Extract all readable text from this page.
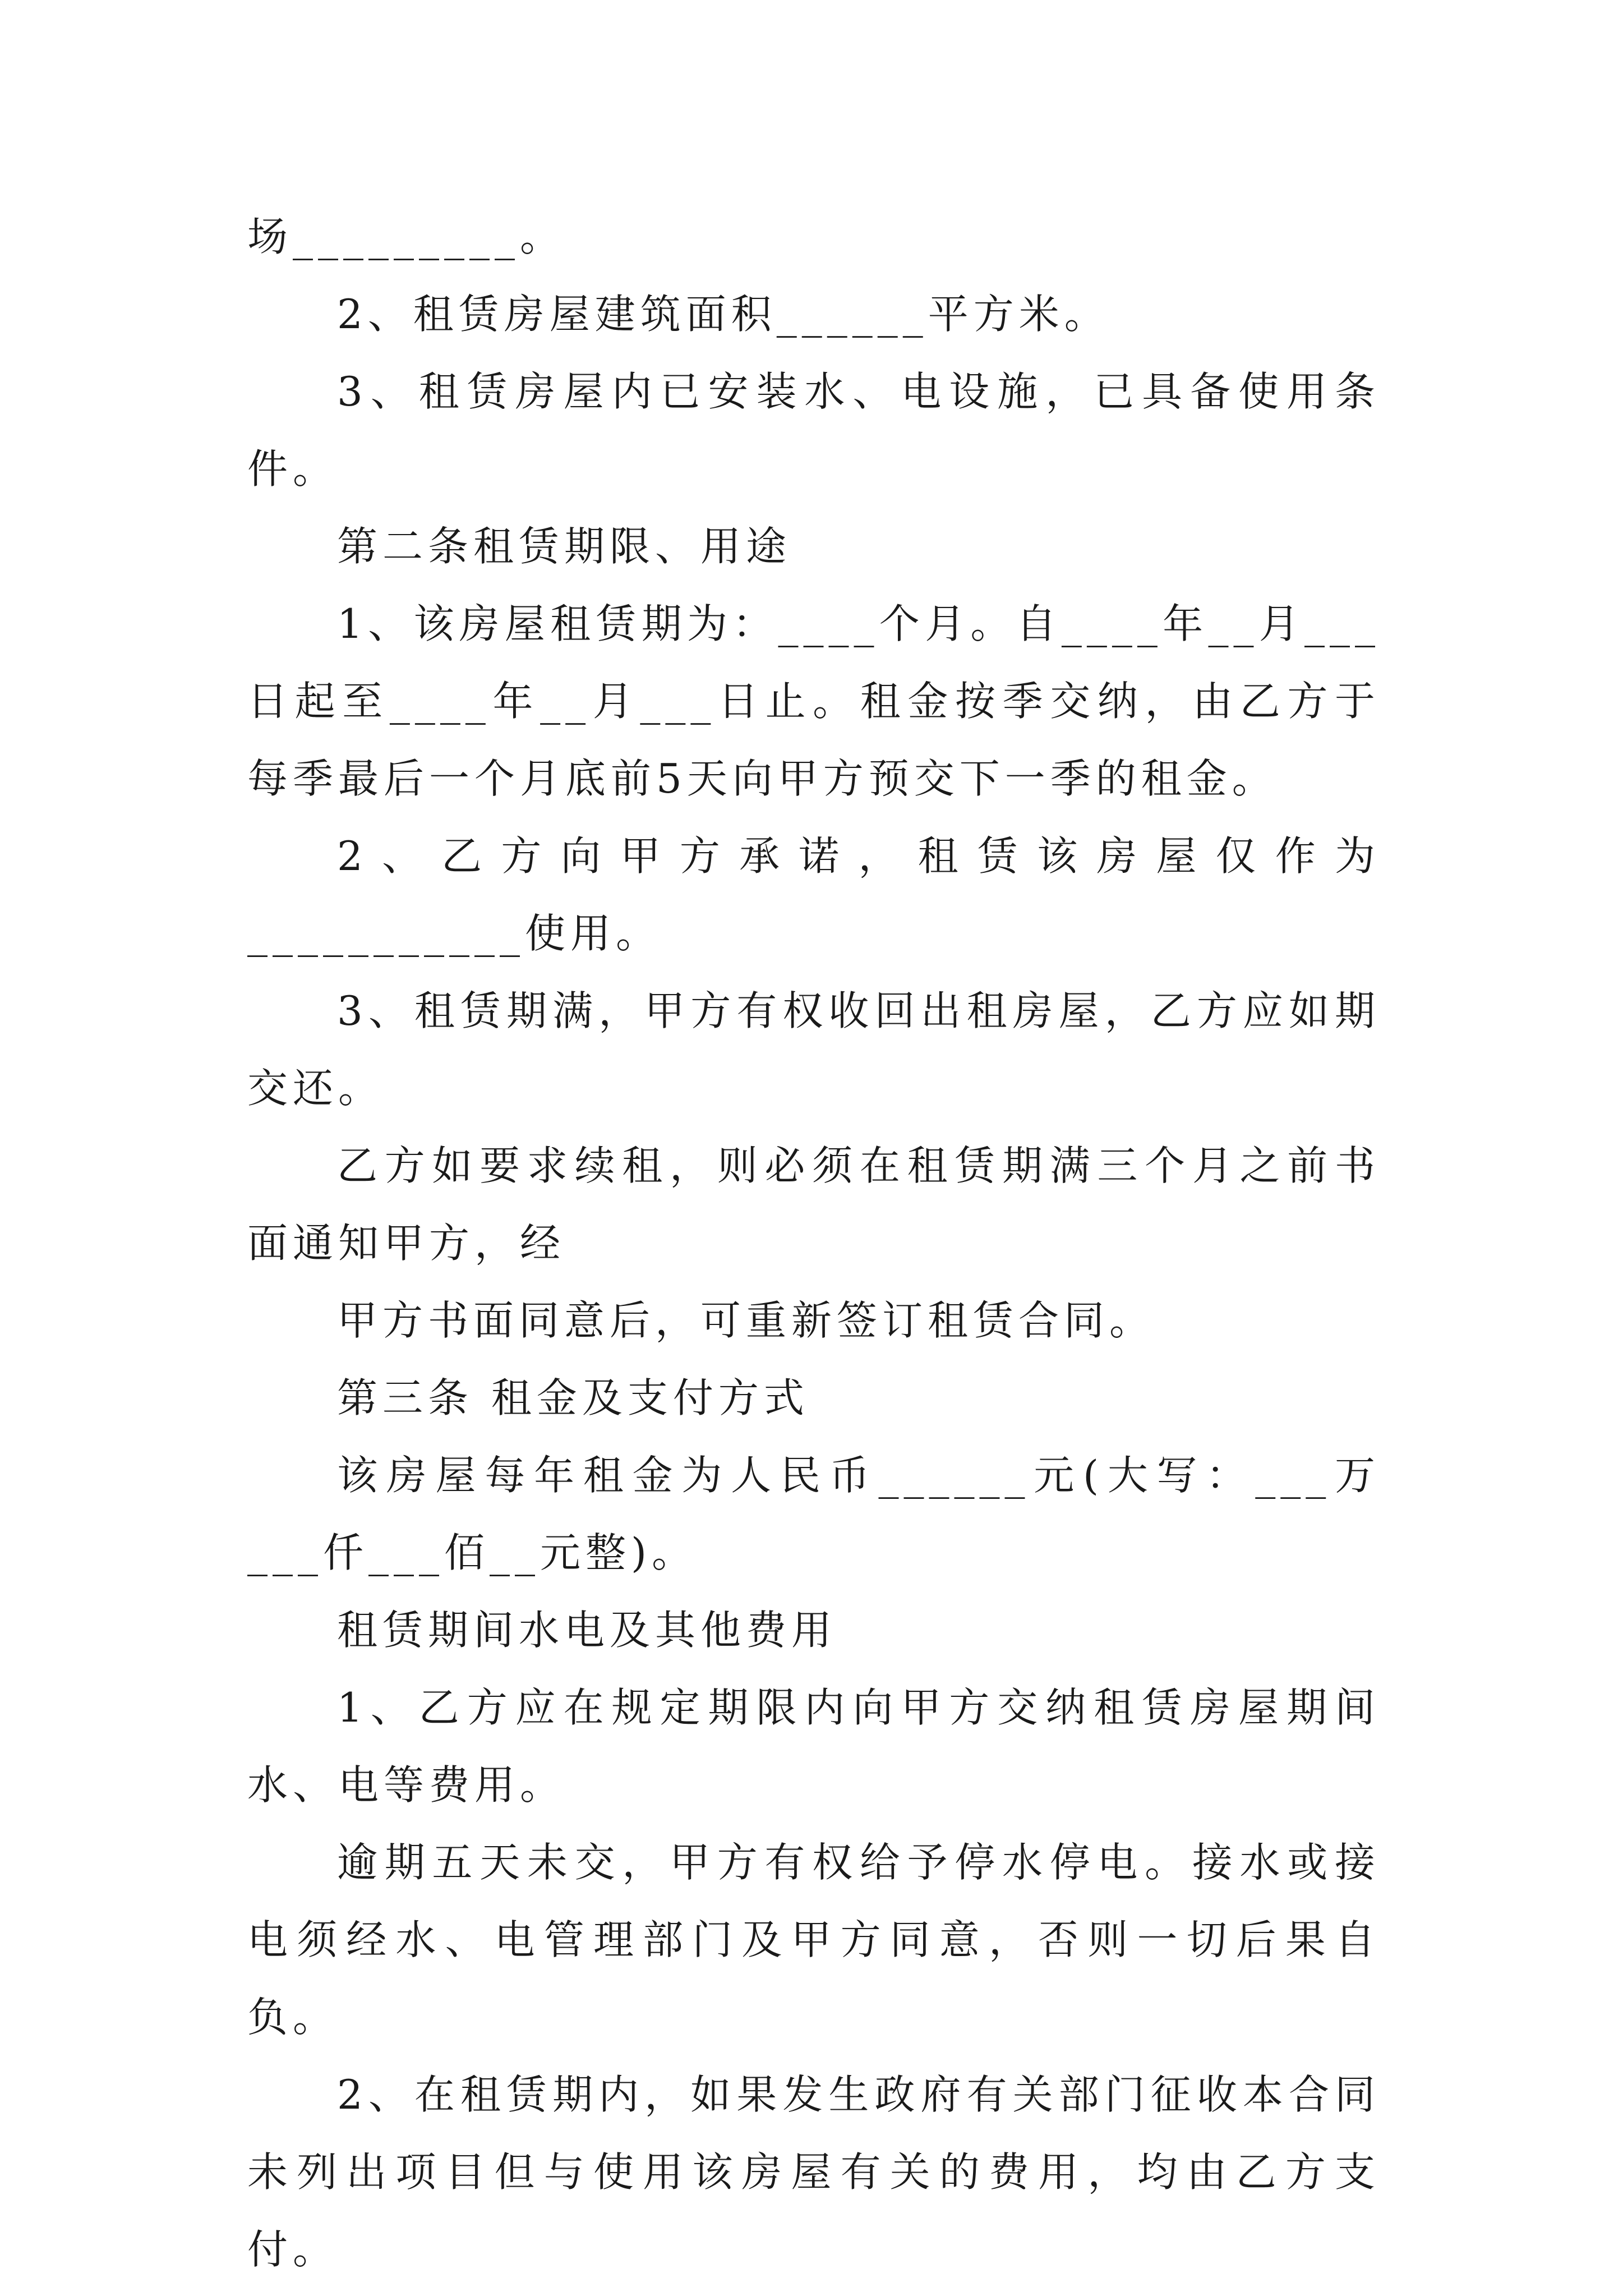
场_________。

2、租赁房屋建筑面积______平方米。

3、租赁房屋内已安装水、电设施，已具备使用条件。

第二条租赁期限、用途

1、该房屋租赁期为：____个月。自____年__月___日起至____年__月___日止。租金按季交纳，由乙方于每季最后一个月底前5天向甲方预交下一季的租金。

2、乙方向甲方承诺，租赁该房屋仅作为___________使用。

3、租赁期满，甲方有权收回出租房屋，乙方应如期交还。

乙方如要求续租，则必须在租赁期满三个月之前书面通知甲方，经

甲方书面同意后，可重新签订租赁合同。

第三条 租金及支付方式

该房屋每年租金为人民币______元(大写：___万___仟___佰__元整)。

租赁期间水电及其他费用

1、乙方应在规定期限内向甲方交纳租赁房屋期间水、电等费用。

逾期五天未交，甲方有权给予停水停电。接水或接电须经水、电管理部门及甲方同意，否则一切后果自负。

2、在租赁期内，如果发生政府有关部门征收本合同未列出项目但与使用该房屋有关的费用，均由乙方支付。
